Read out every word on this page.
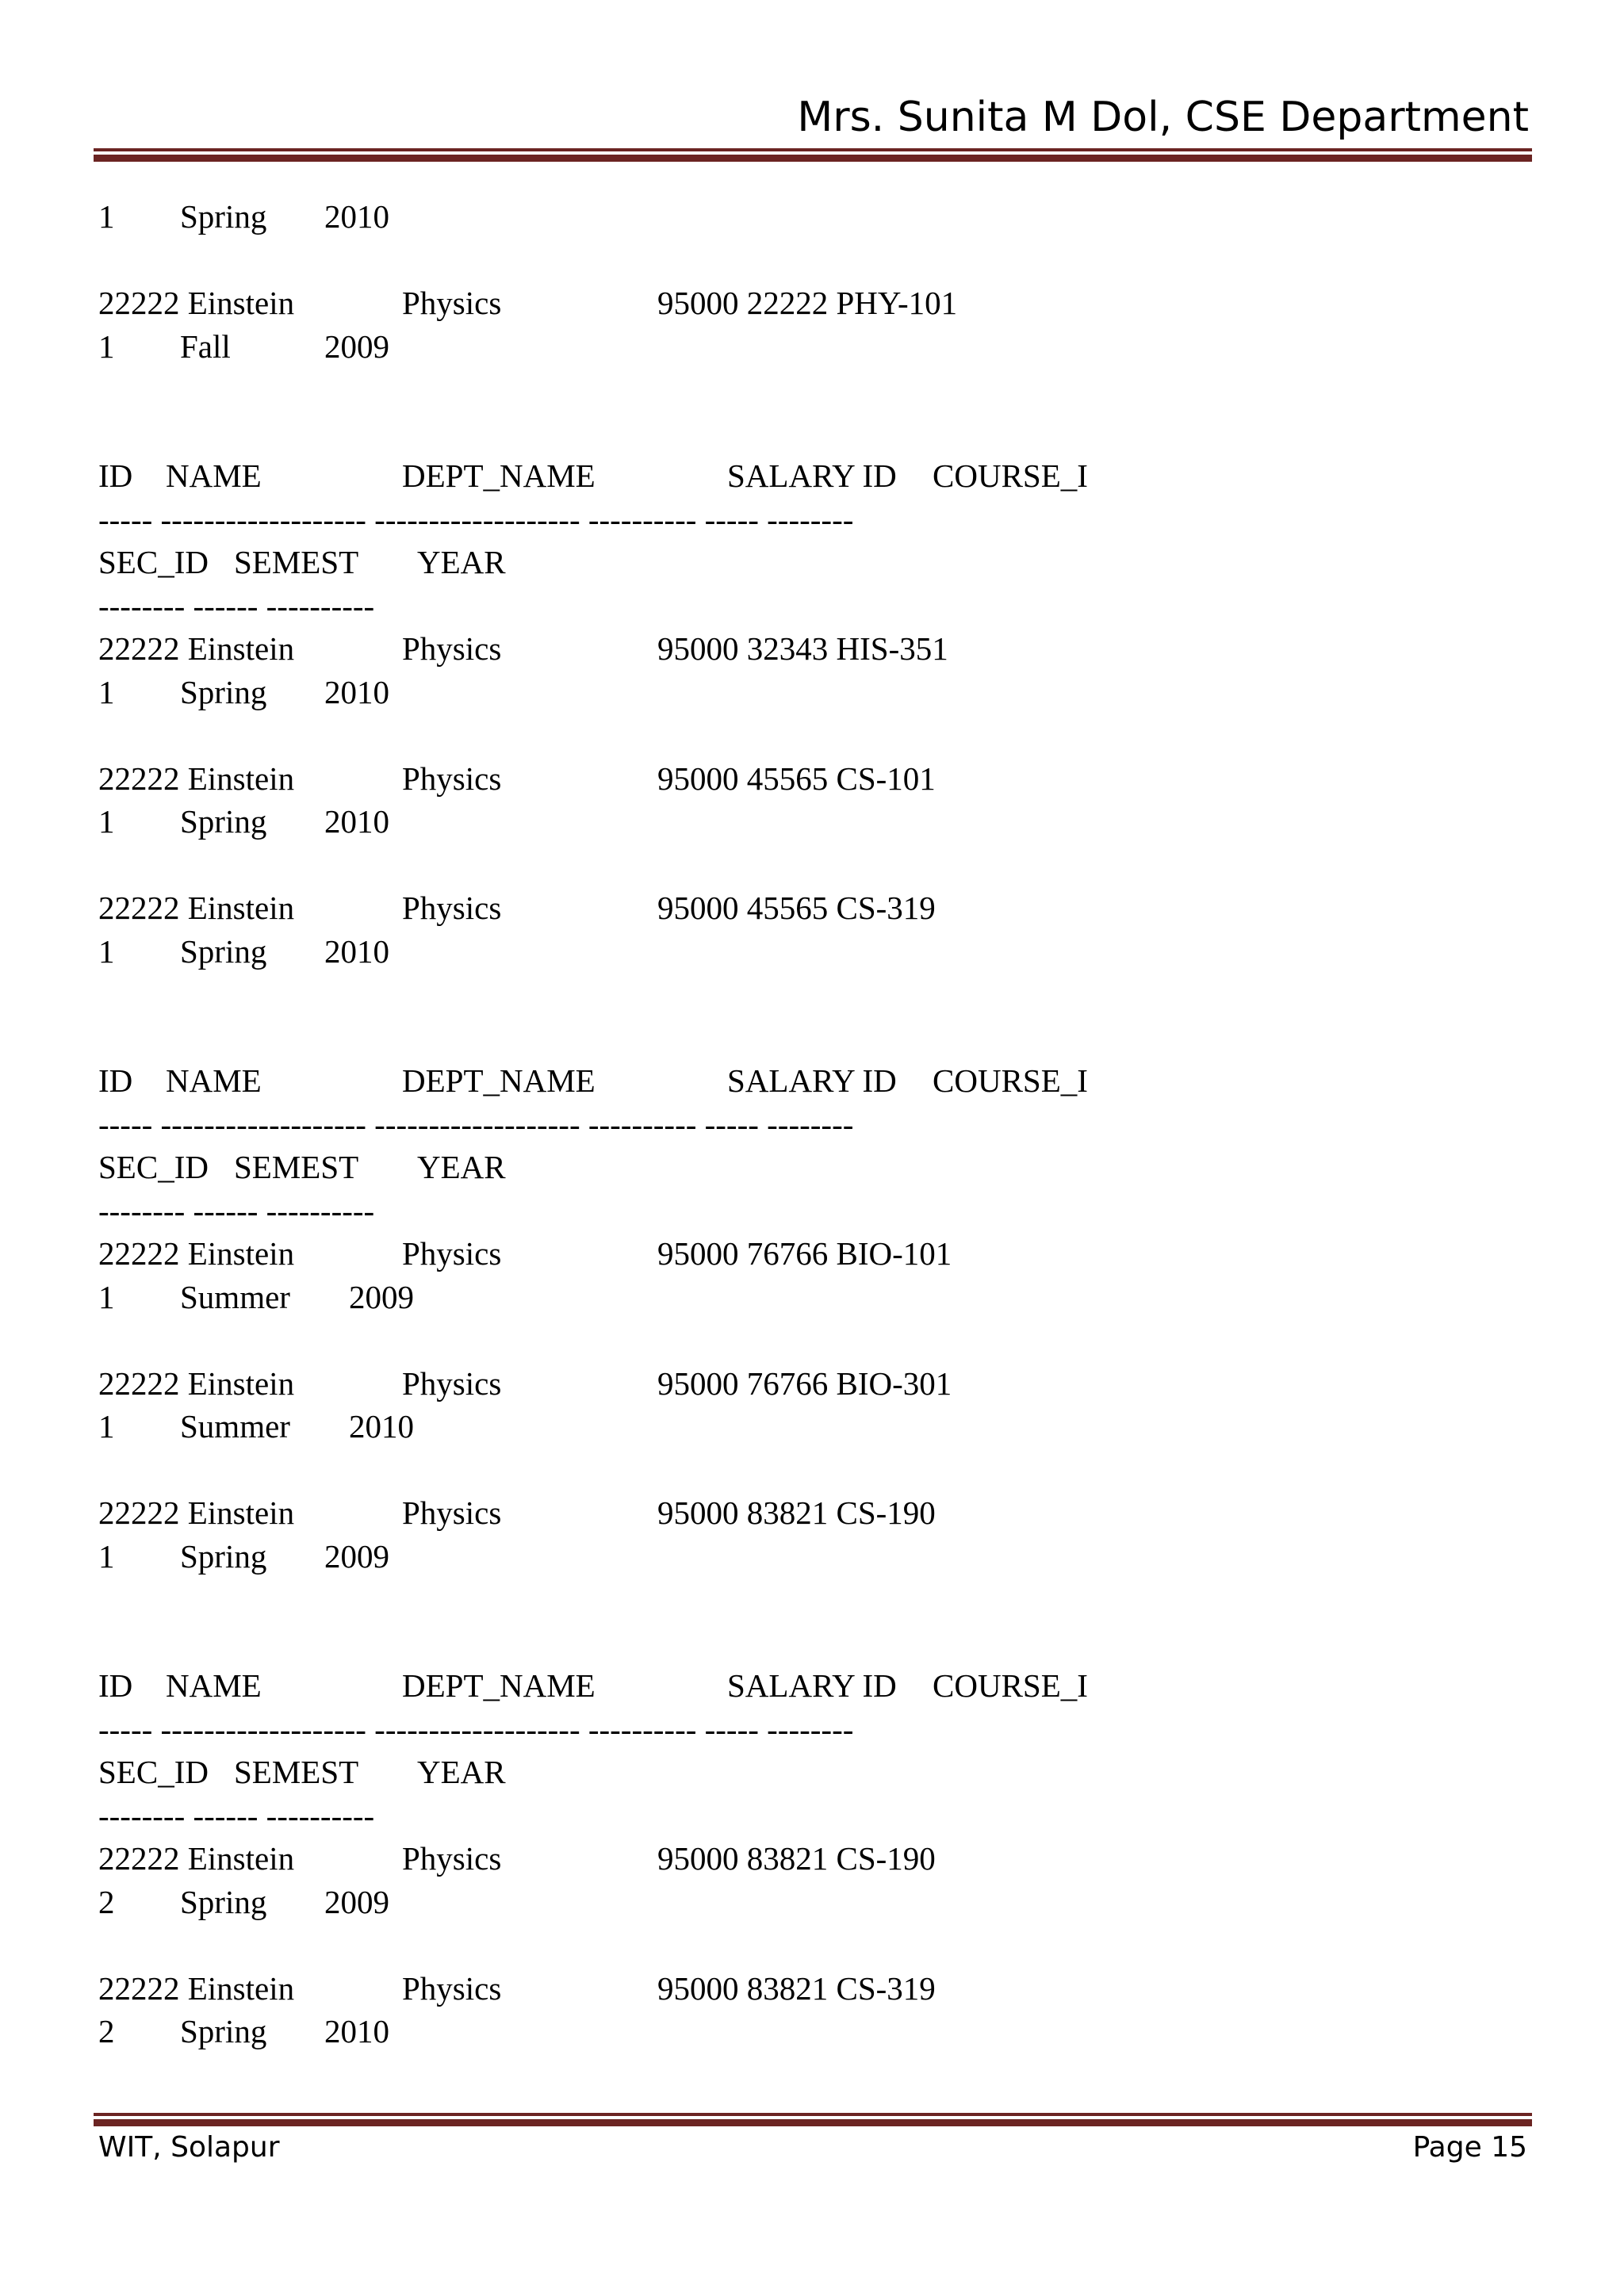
Mrs. Sunita M Dol, CSE Department
1 Spring 2010
22222 Einstein	Physics	95000 22222 PHY-101
1 Fall	2009
ID NAME	DEPT_NAME	SALARY ID COURSE_I
----- ------------------- ------------------- ---------- ----- --------
SEC_ID SEMEST YEAR
-------- ------ ----------
22222 Einstein	Physics	95000 32343 HIS-351
1 Spring 2010
22222 Einstein	Physics	95000 45565 CS-101
1 Spring 2010
22222 Einstein	Physics	95000 45565 CS-319
1 Spring 2010
ID NAME	DEPT_NAME	SALARY ID COURSE_I
----- ------------------- ------------------- ---------- ----- --------
SEC_ID SEMEST YEAR
-------- ------ ----------
22222 Einstein	Physics	95000 76766 BIO-101
1 Summer 2009
22222 Einstein	Physics	95000 76766 BIO-301
1 Summer 2010
22222 Einstein	Physics	95000 83821 CS-190
1 Spring 2009
ID NAME	DEPT_NAME	SALARY ID COURSE_I
----- ------------------- ------------------- ---------- ----- --------
SEC_ID SEMEST YEAR
-------- ------ ----------
22222 Einstein	Physics	95000 83821 CS-190
2 Spring 2009
22222 Einstein	Physics	95000 83821 CS-319
2 Spring 2010
WIT, Solapur	Page 15
